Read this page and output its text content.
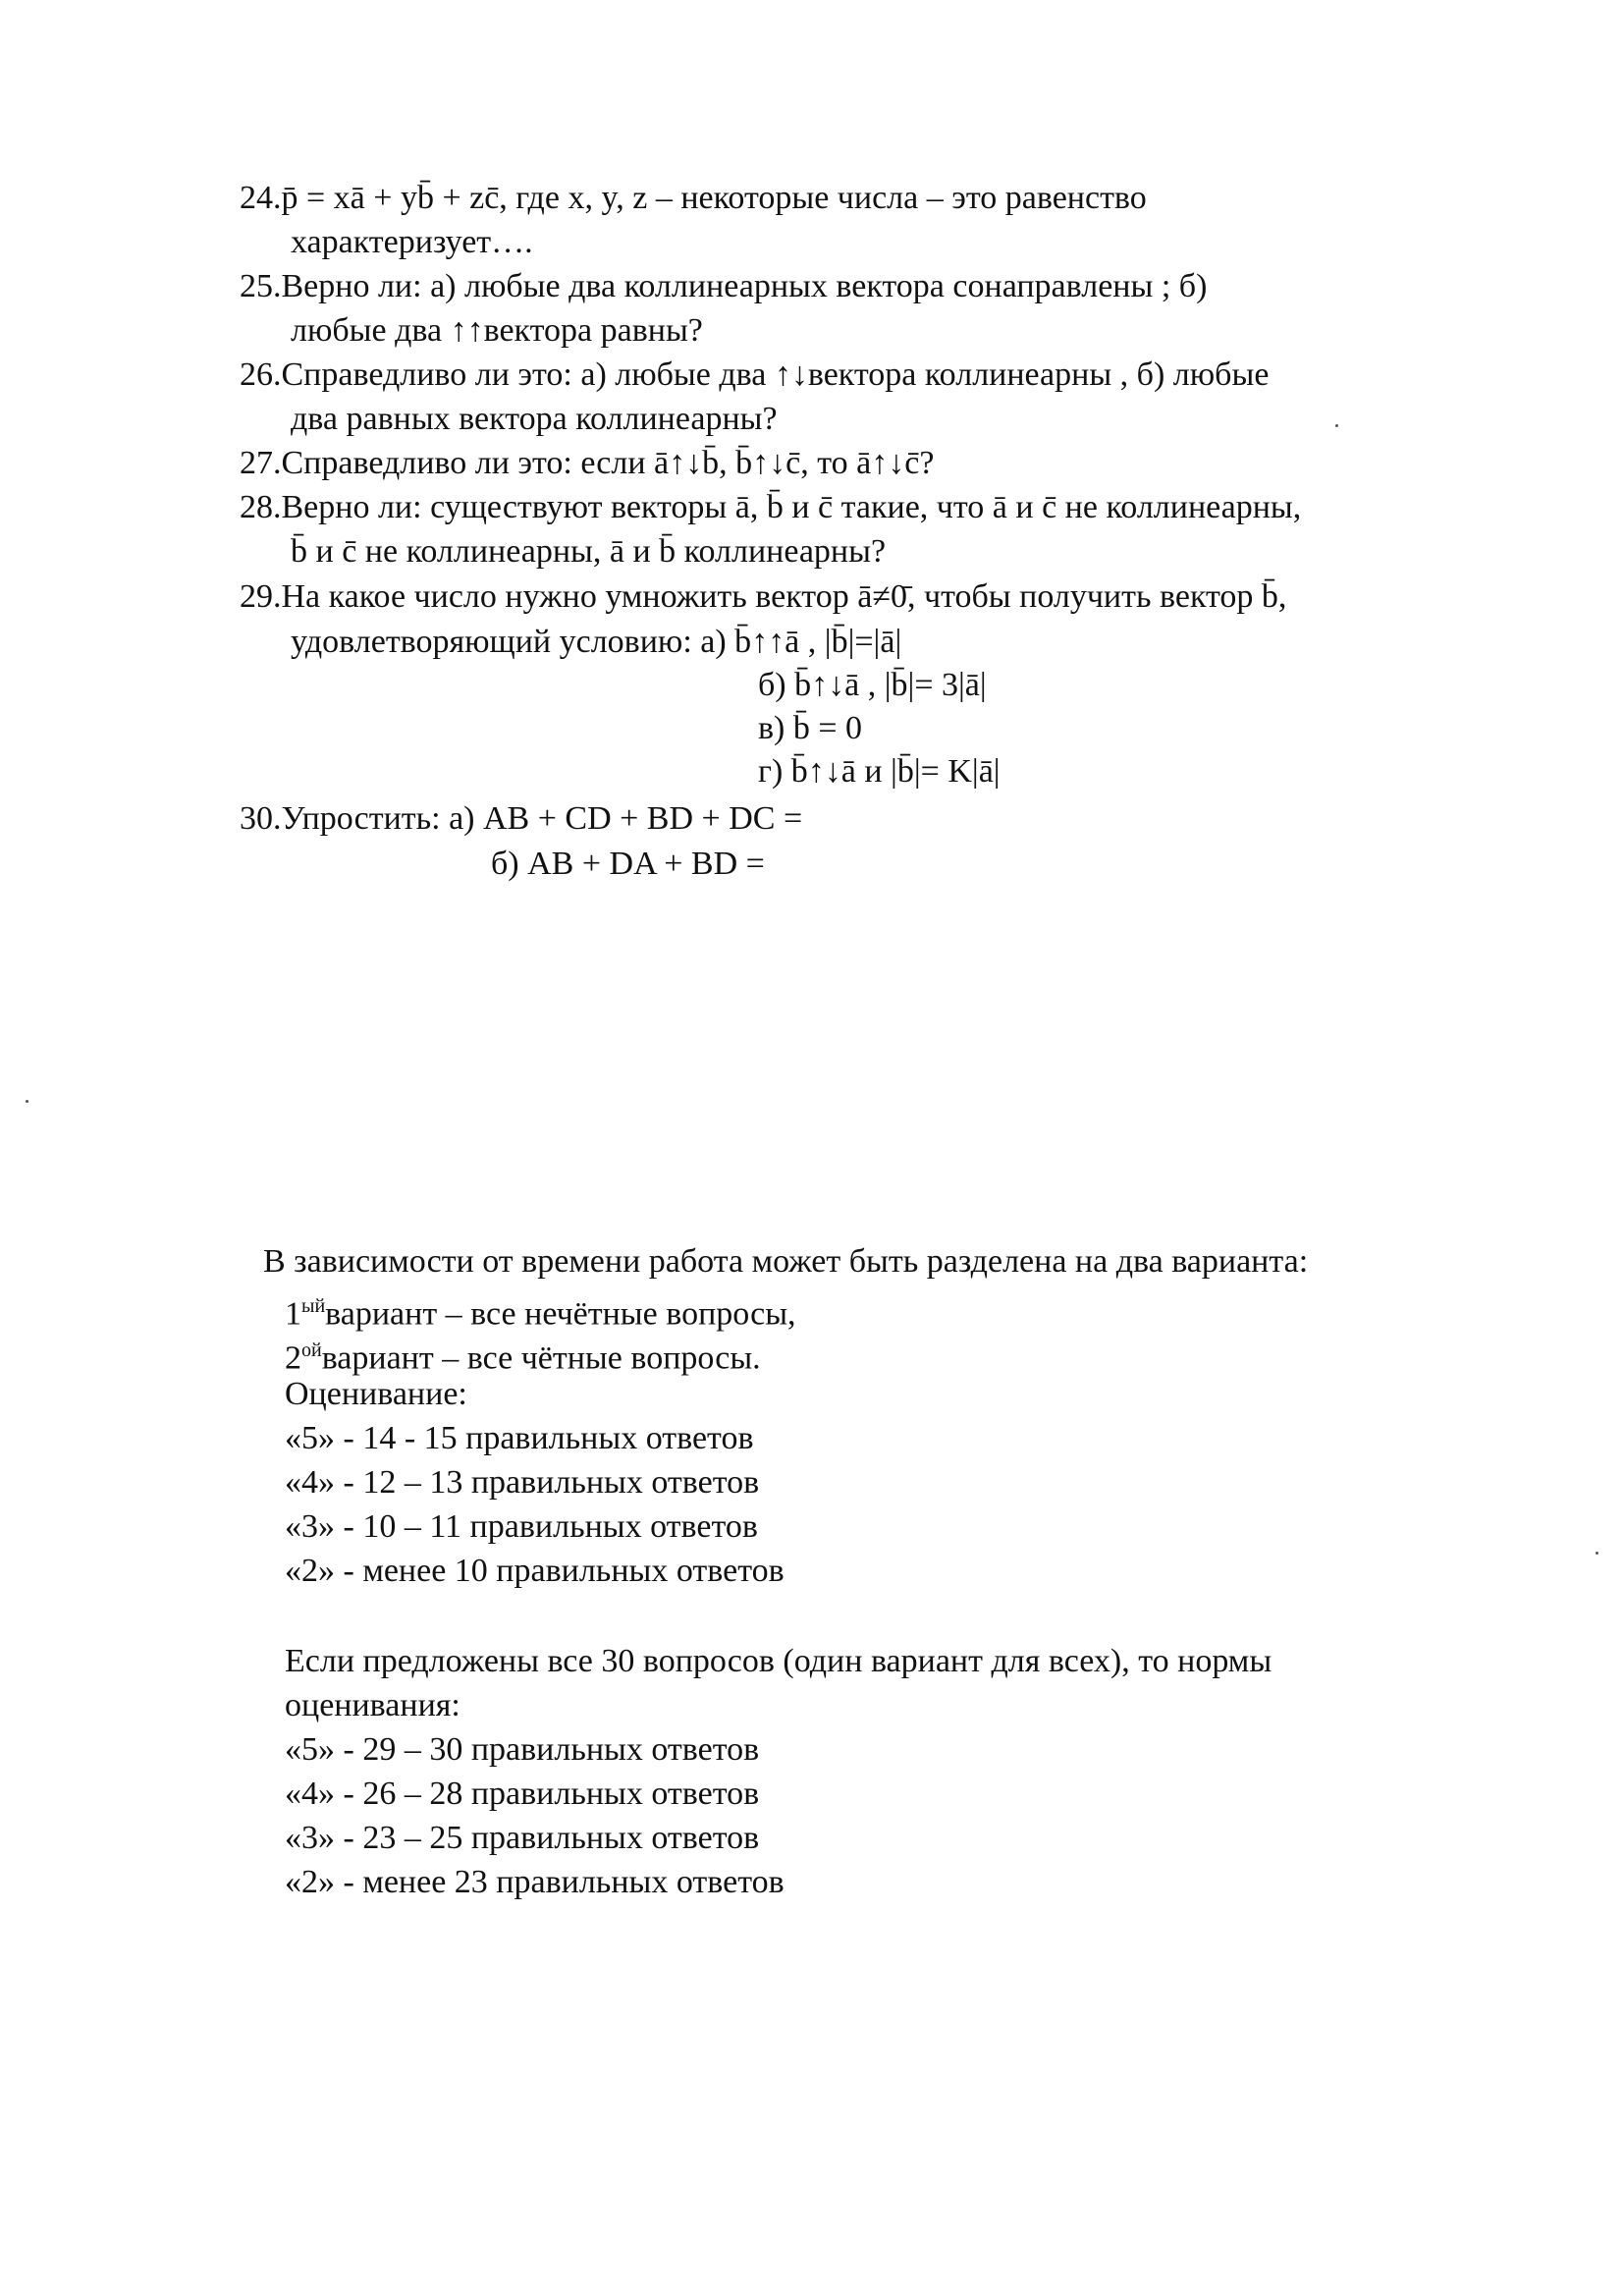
24.p̄ = xā + yb̄ + zc̄, где x, y, z – некоторые числа – это равенство
характеризует….
25.Верно ли: а) любые два коллинеарных вектора сонаправлены ; б)
любые два ↑↑вектора равны?
26.Справедливо ли это: а) любые два ↑↓вектора коллинеарны , б) любые
два равных вектора коллинеарны?
27.Справедливо ли это: если ā↑↓b̄, b̄↑↓c̄, то ā↑↓c̄?
28.Верно ли: существуют векторы ā, b̄ и c̄ такие, что ā и c̄ не коллинеарны,
b̄ и c̄ не коллинеарны, ā и b̄ коллинеарны?
29.На какое число нужно умножить вектор ā≠0̄, чтобы получить вектор b̄,
удовлетворяющий условию: а) b̄↑↑ā , |b̄|=|ā|
б) b̄↑↓ā , |b̄|= 3|ā|
в) b̄ = 0
г) b̄↑↓ā и |b̄|= K|ā|
30.Упростить: а) AB + CD + BD + DC =
б) AB + DA + BD =
В зависимости от времени работа может быть разделена на два варианта:
$1^{ый}вариант$ – все нечётные вопросы,
$2^{ой}вариант$ – все чётные вопросы.
Оценивание:
«5» - 14 - 15 правильных ответов
«4» - 12 – 13 правильных ответов
«3» - 10 – 11 правильных ответов
«2» - менее 10 правильных ответов
Если предложены все 30 вопросов (один вариант для всех), то нормы
оценивания:
«5» - 29 – 30 правильных ответов
«4» - 26 – 28 правильных ответов
«3» - 23 – 25 правильных ответов
«2» - менее 23 правильных ответов
